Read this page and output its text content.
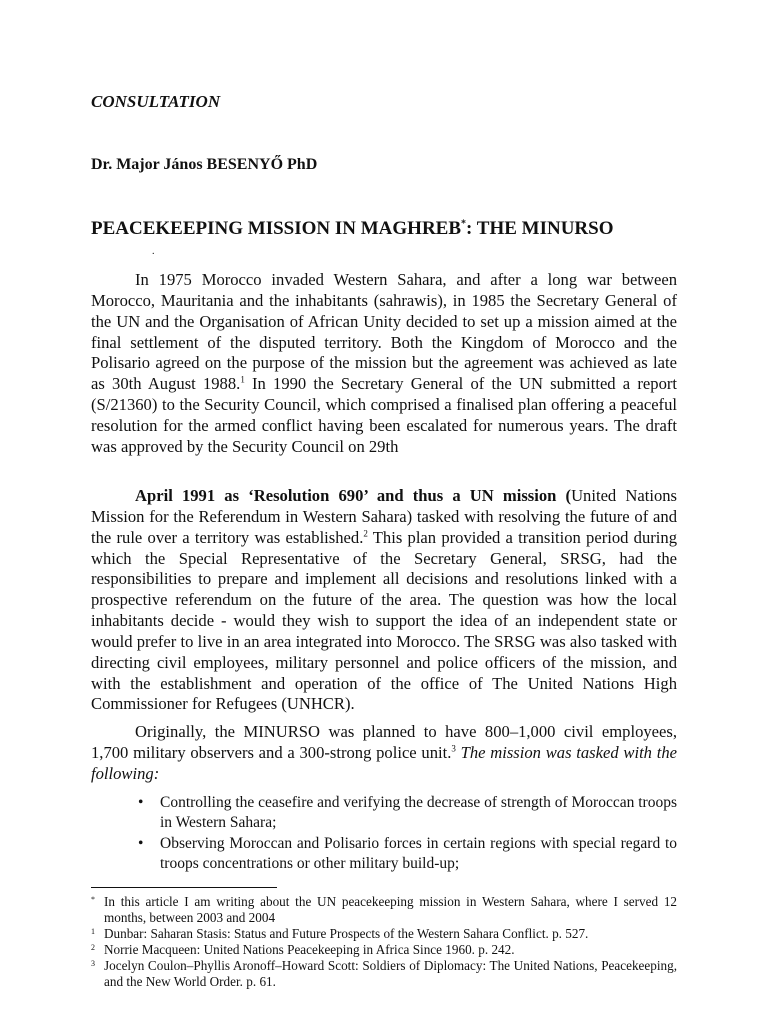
CONSULTATION
Dr. Major János BESENYŐ PhD
PEACEKEEPING MISSION IN MAGHREB*: THE MINURSO
.

In 1975 Morocco invaded Western Sahara, and after a long war between Morocco, Mauritania and the inhabitants (sahrawis), in 1985 the Secretary General of the UN and the Organisation of African Unity decided to set up a mission aimed at the final settlement of the disputed territory. Both the Kingdom of Morocco and the Polisario agreed on the purpose of the mission but the agreement was achieved as late as 30th August 1988.$^1$ In 1990 the Secretary General of the UN submitted a report (S/21360) to the Security Council, which comprised a finalised plan offering a peaceful resolution for the armed conflict having been escalated for numerous years. The draft was approved by the Security Council on 29th

April 1991 as ‘Resolution 690’ and thus a UN mission (United Nations Mission for the Referendum in Western Sahara) tasked with resolving the future of and the rule over a territory was established.$^2$ This plan provided a transition period during which the Special Representative of the Secretary General, SRSG, had the responsibilities to prepare and implement all decisions and resolutions linked with a prospective referendum on the future of the area. The question was how the local inhabitants decide - would they wish to support the idea of an independent state or would prefer to live in an area integrated into Morocco. The SRSG was also tasked with directing civil employees, military personnel and police officers of the mission, and with the establishment and operation of the office of The United Nations High Commissioner for Refugees (UNHCR).

Originally, the MINURSO was planned to have 800–1,000 civil employees, 1,700 military observers and a 300-strong police unit.$^3$ The mission was tasked with the following:

• Controlling the ceasefire and verifying the decrease of strength of Moroccan troops in Western Sahara;
• Observing Moroccan and Polisario forces in certain regions with special regard to troops concentrations or other military build-up;
* In this article I am writing about the UN peacekeeping mission in Western Sahara, where I served 12 months, between 2003 and 2004
1 Dunbar: Saharan Stasis: Status and Future Prospects of the Western Sahara Conflict. p. 527.
2 Norrie Macqueen: United Nations Peacekeeping in Africa Since 1960. p. 242.
3 Jocelyn Coulon–Phyllis Aronoff–Howard Scott: Soldiers of Diplomacy: The United Nations, Peacekeeping, and the New World Order. p. 61.
